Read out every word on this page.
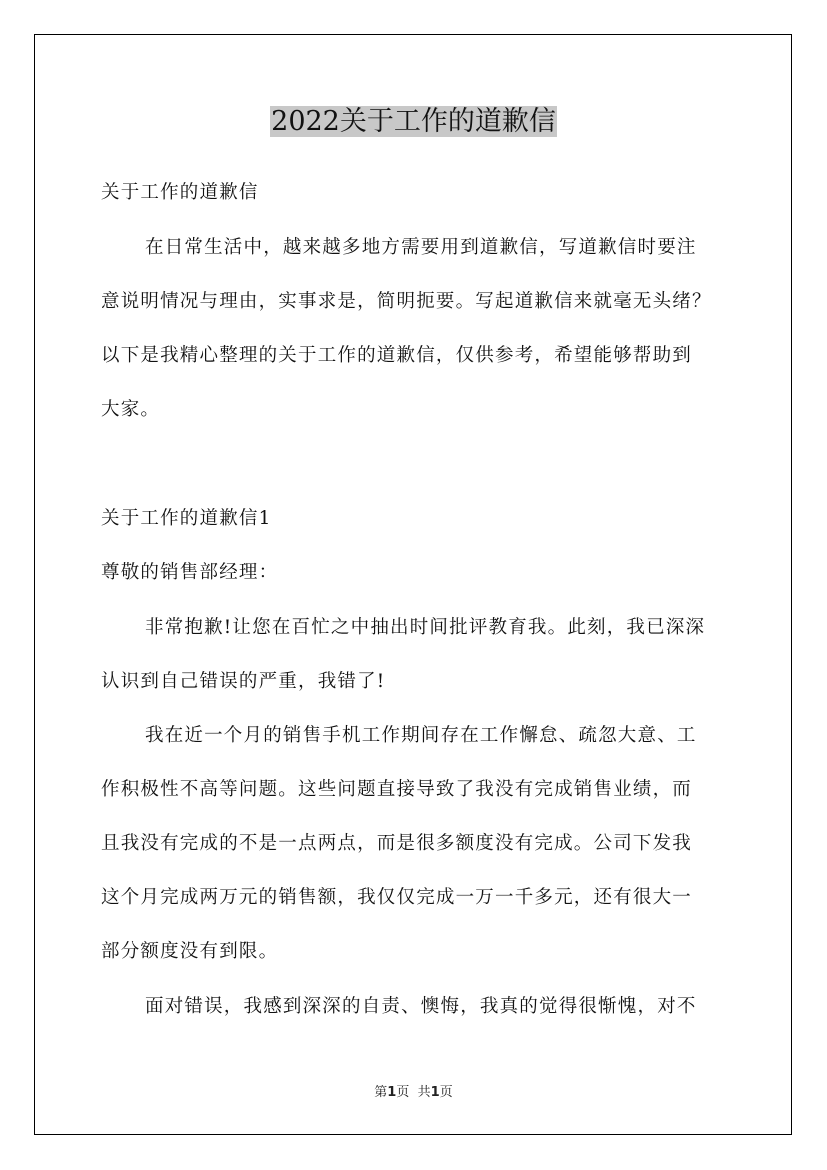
2022关于工作的道歉信

关于工作的道歉信

在日常生活中，越来越多地方需要用到道歉信，写道歉信时要注

意说明情况与理由，实事求是，简明扼要。写起道歉信来就毫无头绪？

以下是我精心整理的关于工作的道歉信，仅供参考，希望能够帮助到

大家。

关于工作的道歉信1

尊敬的销售部经理：

非常抱歉!让您在百忙之中抽出时间批评教育我。此刻，我已深深

认识到自己错误的严重，我错了!

我在近一个月的销售手机工作期间存在工作懈怠、疏忽大意、工

作积极性不高等问题。这些问题直接导致了我没有完成销售业绩，而

且我没有完成的不是一点两点，而是很多额度没有完成。公司下发我

这个月完成两万元的销售额，我仅仅完成一万一千多元，还有很大一

部分额度没有到限。

面对错误，我感到深深的自责、懊悔，我真的觉得很惭愧，对不

第1页 共1页
